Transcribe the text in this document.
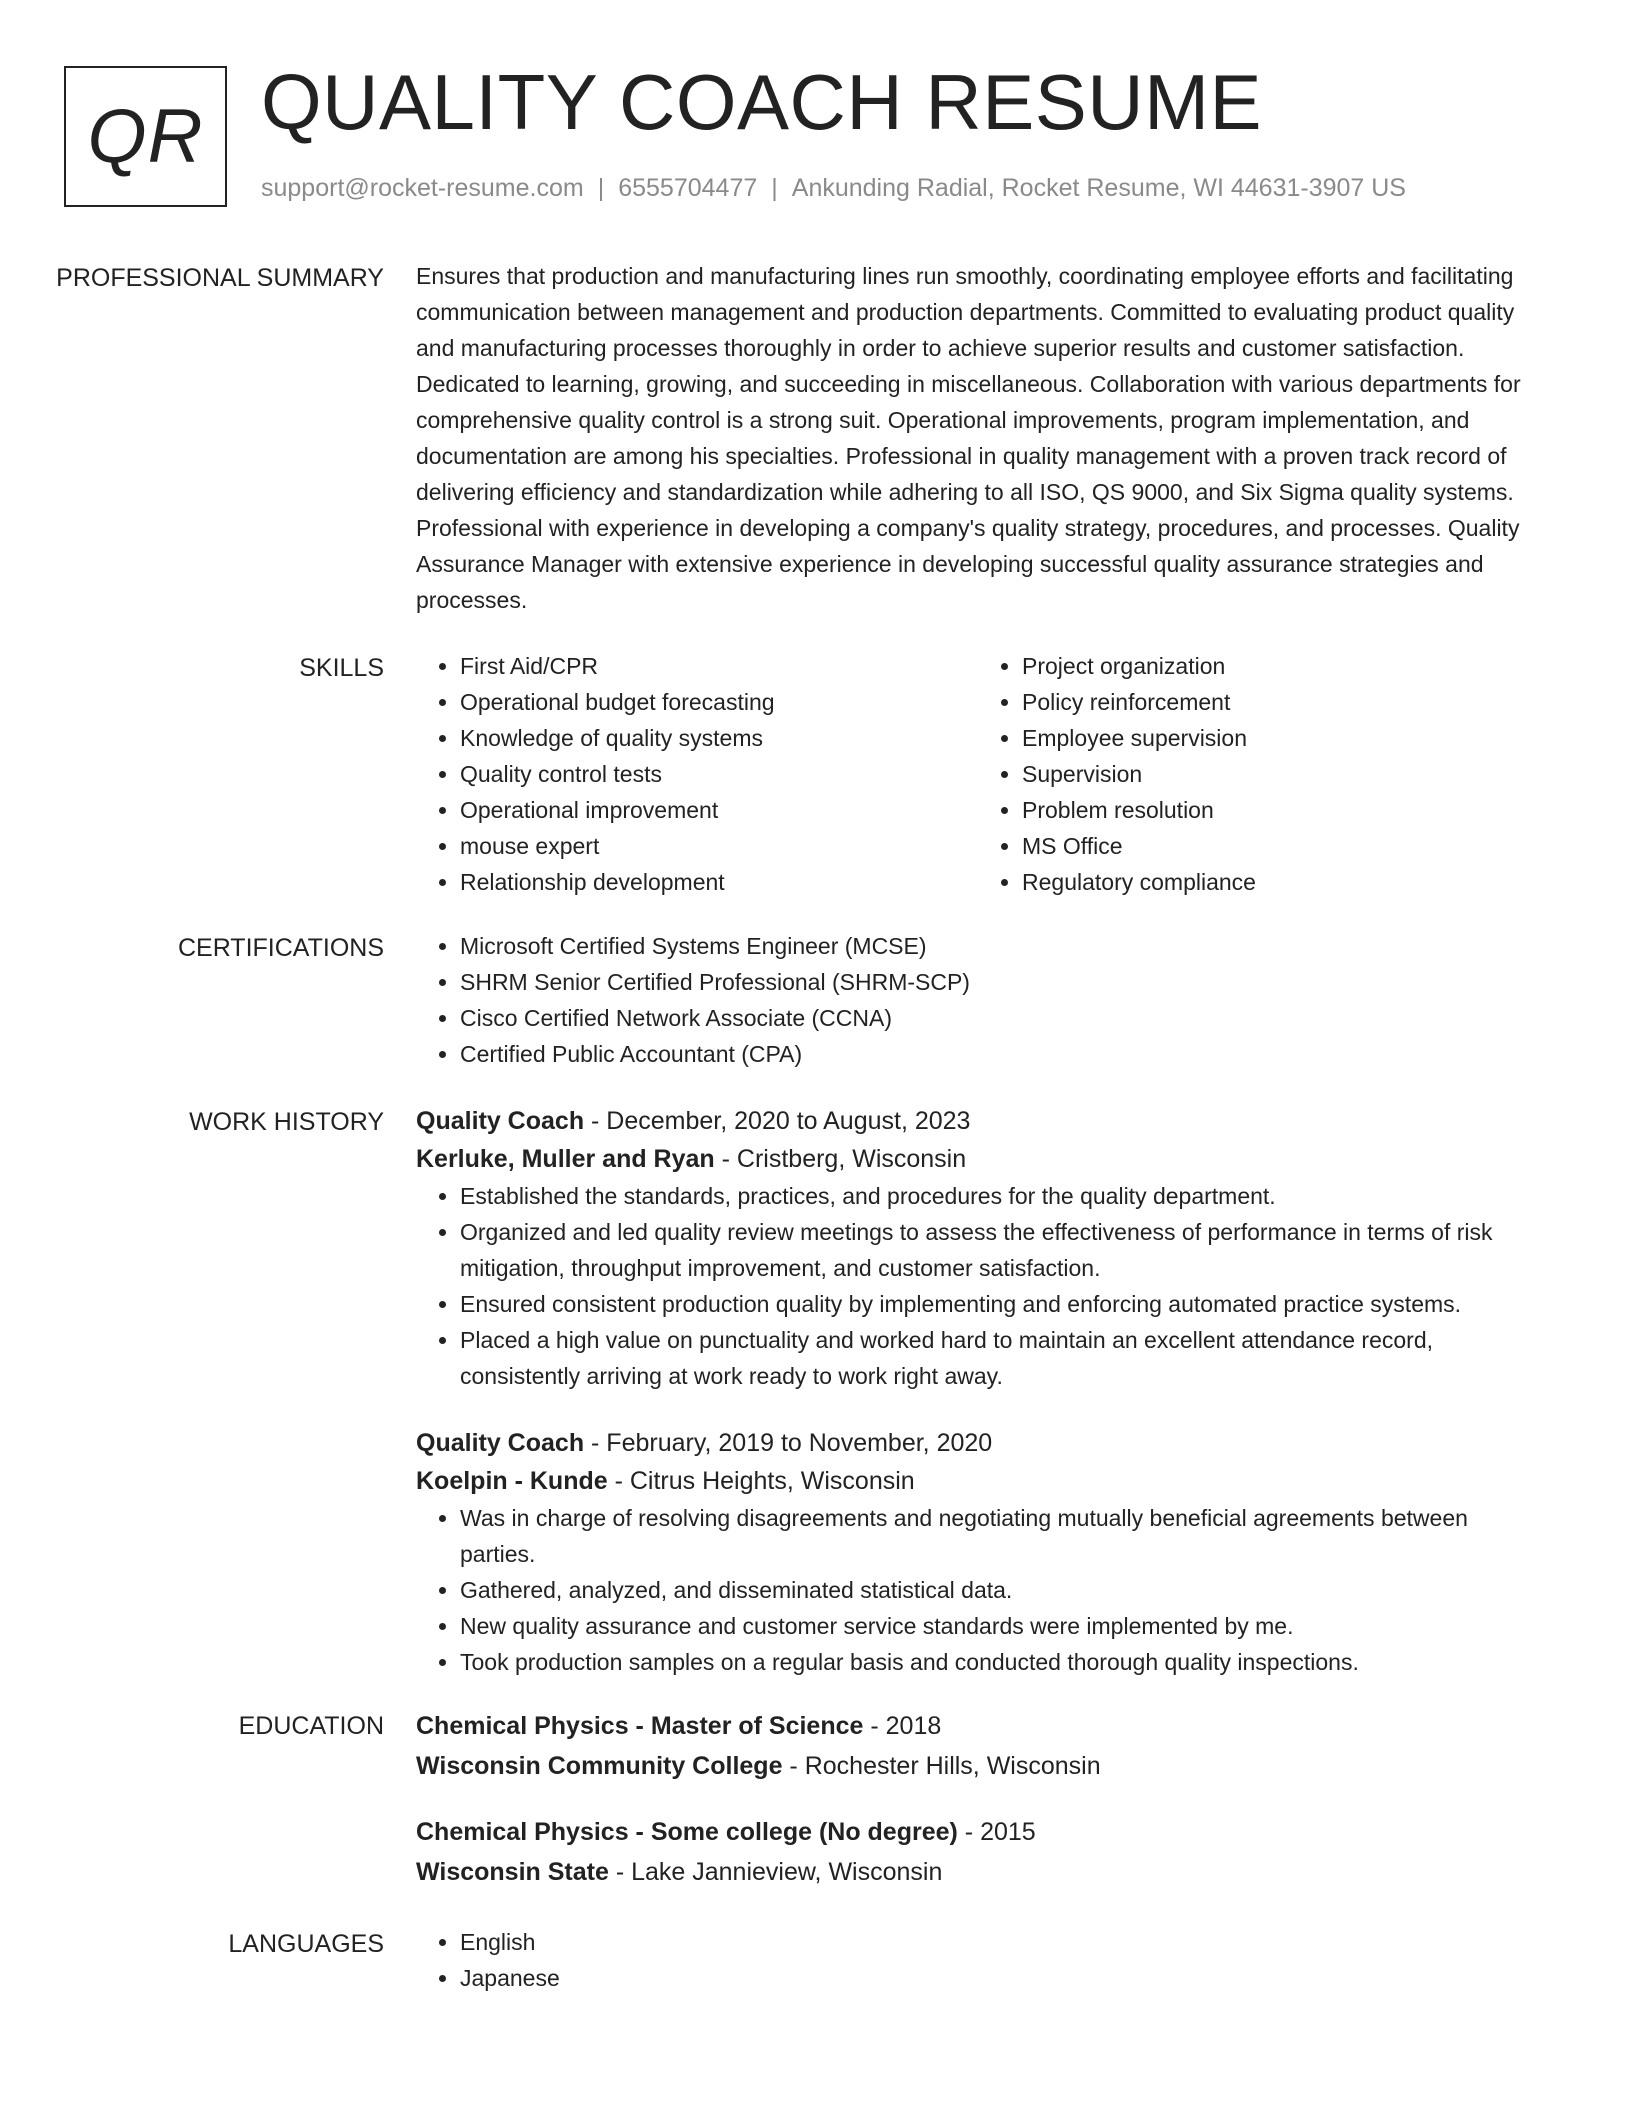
QR QUALITY COACH RESUME
support@rocket-resume.com | 6555704477 | Ankunding Radial, Rocket Resume, WI 44631-3907 US
PROFESSIONAL SUMMARY	Ensures that production and manufacturing lines run smoothly, coordinating employee efforts and facilitating communication between management and production departments. Committed to evaluating product quality and manufacturing processes thoroughly in order to achieve superior results and customer satisfaction. Dedicated to learning, growing, and succeeding in miscellaneous. Collaboration with various departments for comprehensive quality control is a strong suit. Operational improvements, program implementation, and documentation are among his specialties. Professional in quality management with a proven track record of delivering efficiency and standardization while adhering to all ISO, QS 9000, and Six Sigma quality systems. Professional with experience in developing a company's quality strategy, procedures, and processes. Quality Assurance Manager with extensive experience in developing successful quality assurance strategies and processes.

SKILLS	• First Aid/CPR
• Operational budget forecasting
• Knowledge of quality systems
• Quality control tests
• Operational improvement
• mouse expert
• Relationship development
• Project organization
• Policy reinforcement
• Employee supervision
• Supervision
• Problem resolution
• MS Office
• Regulatory compliance
CERTIFICATIONS	• Microsoft Certified Systems Engineer (MCSE)
• SHRM Senior Certified Professional (SHRM-SCP)
• Cisco Certified Network Associate (CCNA)
• Certified Public Accountant (CPA)
WORK HISTORY	Quality Coach - December, 2020 to August, 2023
Kerluke, Muller and Ryan - Cristberg, Wisconsin
• Established the standards, practices, and procedures for the quality department.
• Organized and led quality review meetings to assess the effectiveness of performance in terms of risk mitigation, throughput improvement, and customer satisfaction.
• Ensured consistent production quality by implementing and enforcing automated practice systems.
• Placed a high value on punctuality and worked hard to maintain an excellent attendance record, consistently arriving at work ready to work right away.
Quality Coach - February, 2019 to November, 2020
Koelpin - Kunde - Citrus Heights, Wisconsin
• Was in charge of resolving disagreements and negotiating mutually beneficial agreements between parties.
• Gathered, analyzed, and disseminated statistical data.
• New quality assurance and customer service standards were implemented by me.
• Took production samples on a regular basis and conducted thorough quality inspections.
EDUCATION	Chemical Physics - Master of Science - 2018
Wisconsin Community College - Rochester Hills, Wisconsin
Chemical Physics - Some college (No degree) - 2015
Wisconsin State - Lake Jannieview, Wisconsin
LANGUAGES	• English
• Japanese
